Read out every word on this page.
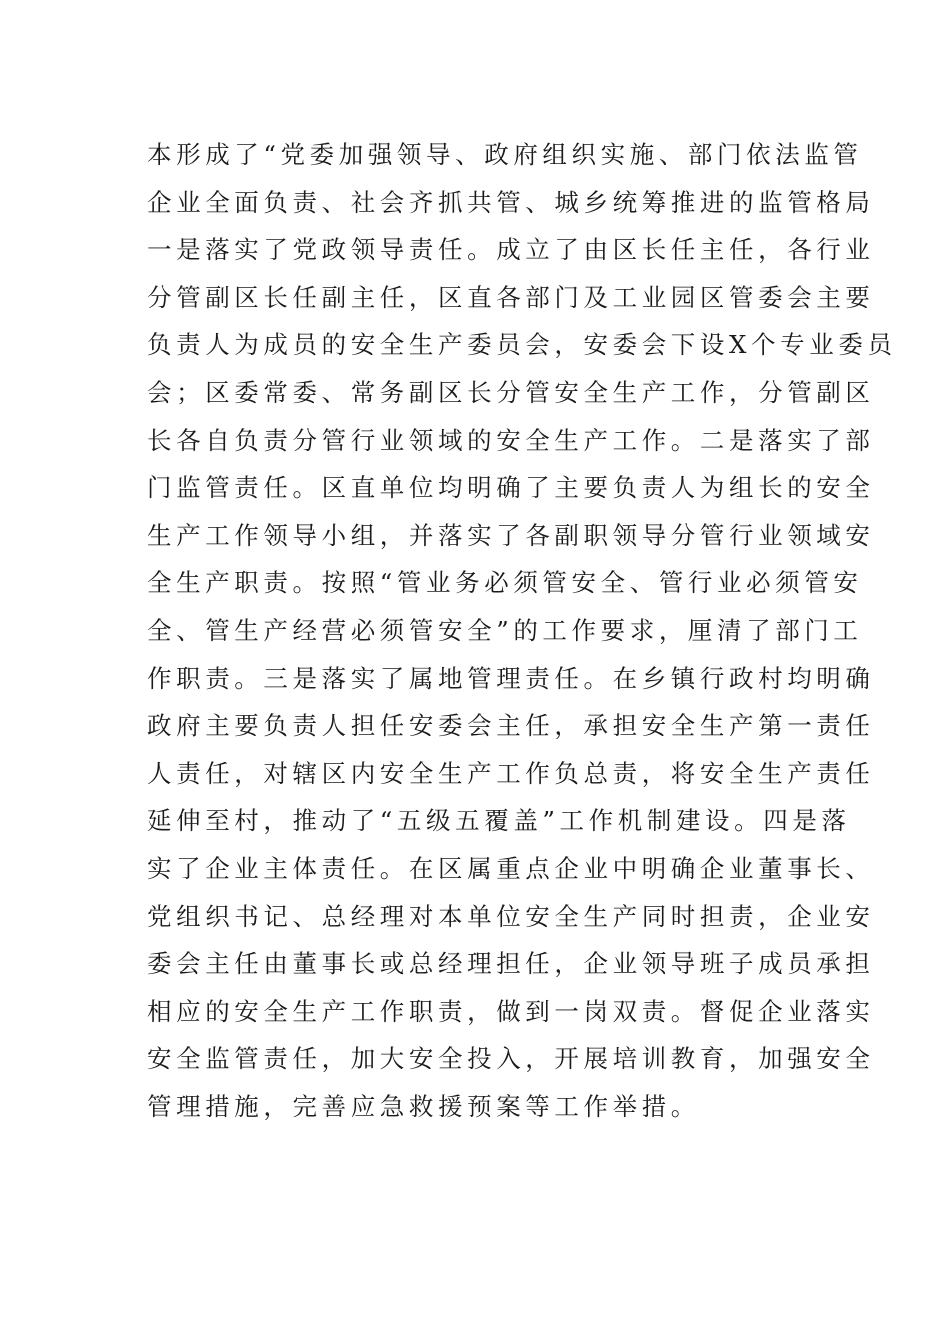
本形成了“党委加强领导、政府组织实施、部门依法监管
企业全面负责、社会齐抓共管、城乡统筹推进的监管格局
一是落实了党政领导责任。成立了由区长任主任，各行业
分管副区长任副主任，区直各部门及工业园区管委会主要
负责人为成员的安全生产委员会，安委会下设X个专业委员
会；区委常委、常务副区长分管安全生产工作，分管副区
长各自负责分管行业领域的安全生产工作。二是落实了部
门监管责任。区直单位均明确了主要负责人为组长的安全
生产工作领导小组，并落实了各副职领导分管行业领域安
全生产职责。按照“管业务必须管安全、管行业必须管安
全、管生产经营必须管安全”的工作要求，厘清了部门工
作职责。三是落实了属地管理责任。在乡镇行政村均明确
政府主要负责人担任安委会主任，承担安全生产第一责任
人责任，对辖区内安全生产工作负总责，将安全生产责任
延伸至村，推动了“五级五覆盖”工作机制建设。四是落
实了企业主体责任。在区属重点企业中明确企业董事长、
党组织书记、总经理对本单位安全生产同时担责，企业安
委会主任由董事长或总经理担任，企业领导班子成员承担
相应的安全生产工作职责，做到一岗双责。督促企业落实
安全监管责任，加大安全投入，开展培训教育，加强安全
管理措施，完善应急救援预案等工作举措。
